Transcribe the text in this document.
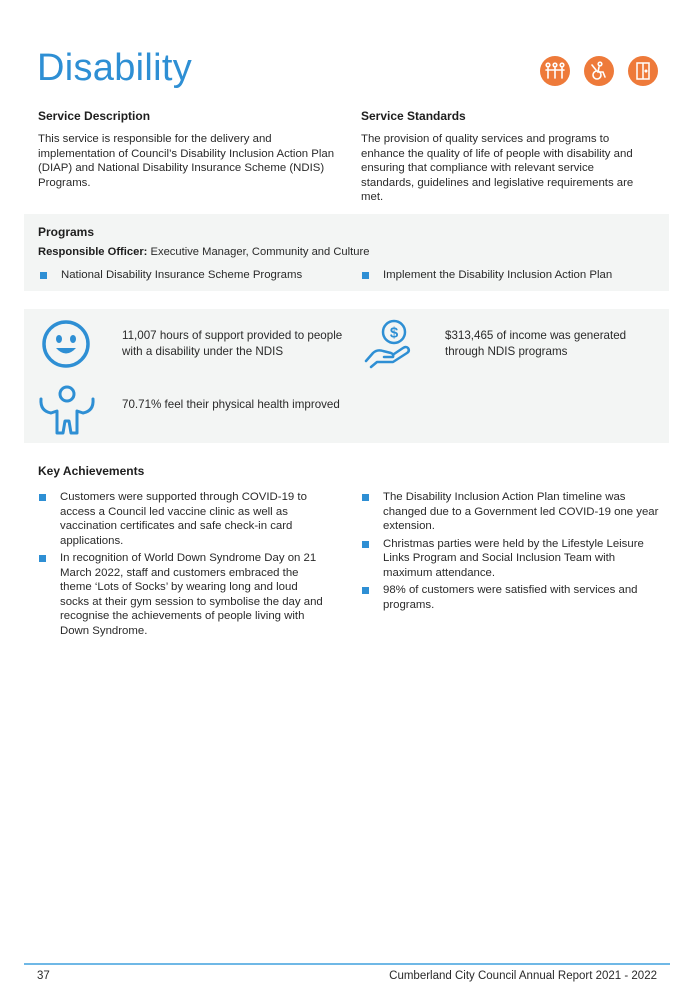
Disability
Service Description

This service is responsible for the delivery and implementation of Council’s Disability Inclusion Action Plan (DIAP) and National Disability Insurance Scheme (NDIS) Programs.

Service Standards

The provision of quality services and programs to enhance the quality of life of people with disability and ensuring that compliance with relevant service standards, guidelines and legislative requirements are met.

Programs
Responsible Officer: Executive Manager, Community and Culture
National Disability Insurance Scheme Programs	Implement the Disability Inclusion Action Plan
11,007 hours of support provided to people with a disability under the NDIS
$	$313,465 of income was generated through NDIS programs
70.71% feel their physical health improved
Key Achievements
Customers were supported through COVID-19 to access a Council led vaccine clinic as well as vaccination certificates and safe check-in card applications.
In recognition of World Down Syndrome Day on 21 March 2022, staff and customers embraced the theme ‘Lots of Socks’ by wearing long and loud socks at their gym session to symbolise the day and recognise the achievements of people living with Down Syndrome.
The Disability Inclusion Action Plan timeline was changed due to a Government led COVID-19 one year extension.
Christmas parties were held by the Lifestyle Leisure Links Program and Social Inclusion Team with maximum attendance.
98% of customers were satisfied with services and programs.
37	Cumberland City Council Annual Report 2021 - 2022
